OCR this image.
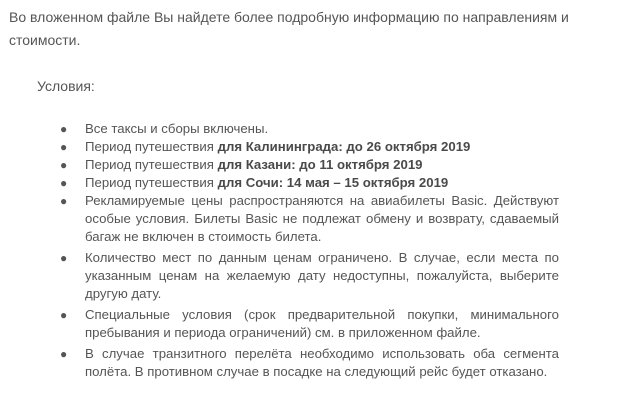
Во вложенном файле Вы найдете более подробную информацию по направлениям и стоимости.

Условия:

● Все таксы и сборы включены.
● Период путешествия для Калининграда: до 26 октября 2019
● Период путешествия для Казани: до 11 октября 2019
● Период путешествия для Сочи: 14 мая – 15 октября 2019
● Рекламируемые цены распространяются на авиабилеты Basic. Действуют особые условия. Билеты Basic не подлежат обмену и возврату, сдаваемый багаж не включен в стоимость билета.
● Количество мест по данным ценам ограничено. В случае, если места по указанным ценам на желаемую дату недоступны, пожалуйста, выберите другую дату.
● Специальные условия (срок предварительной покупки, минимального пребывания и периода ограничений) см. в приложенном файле.
● В случае транзитного перелёта необходимо использовать оба сегмента полёта. В противном случае в посадке на следующий рейс будет отказано.
